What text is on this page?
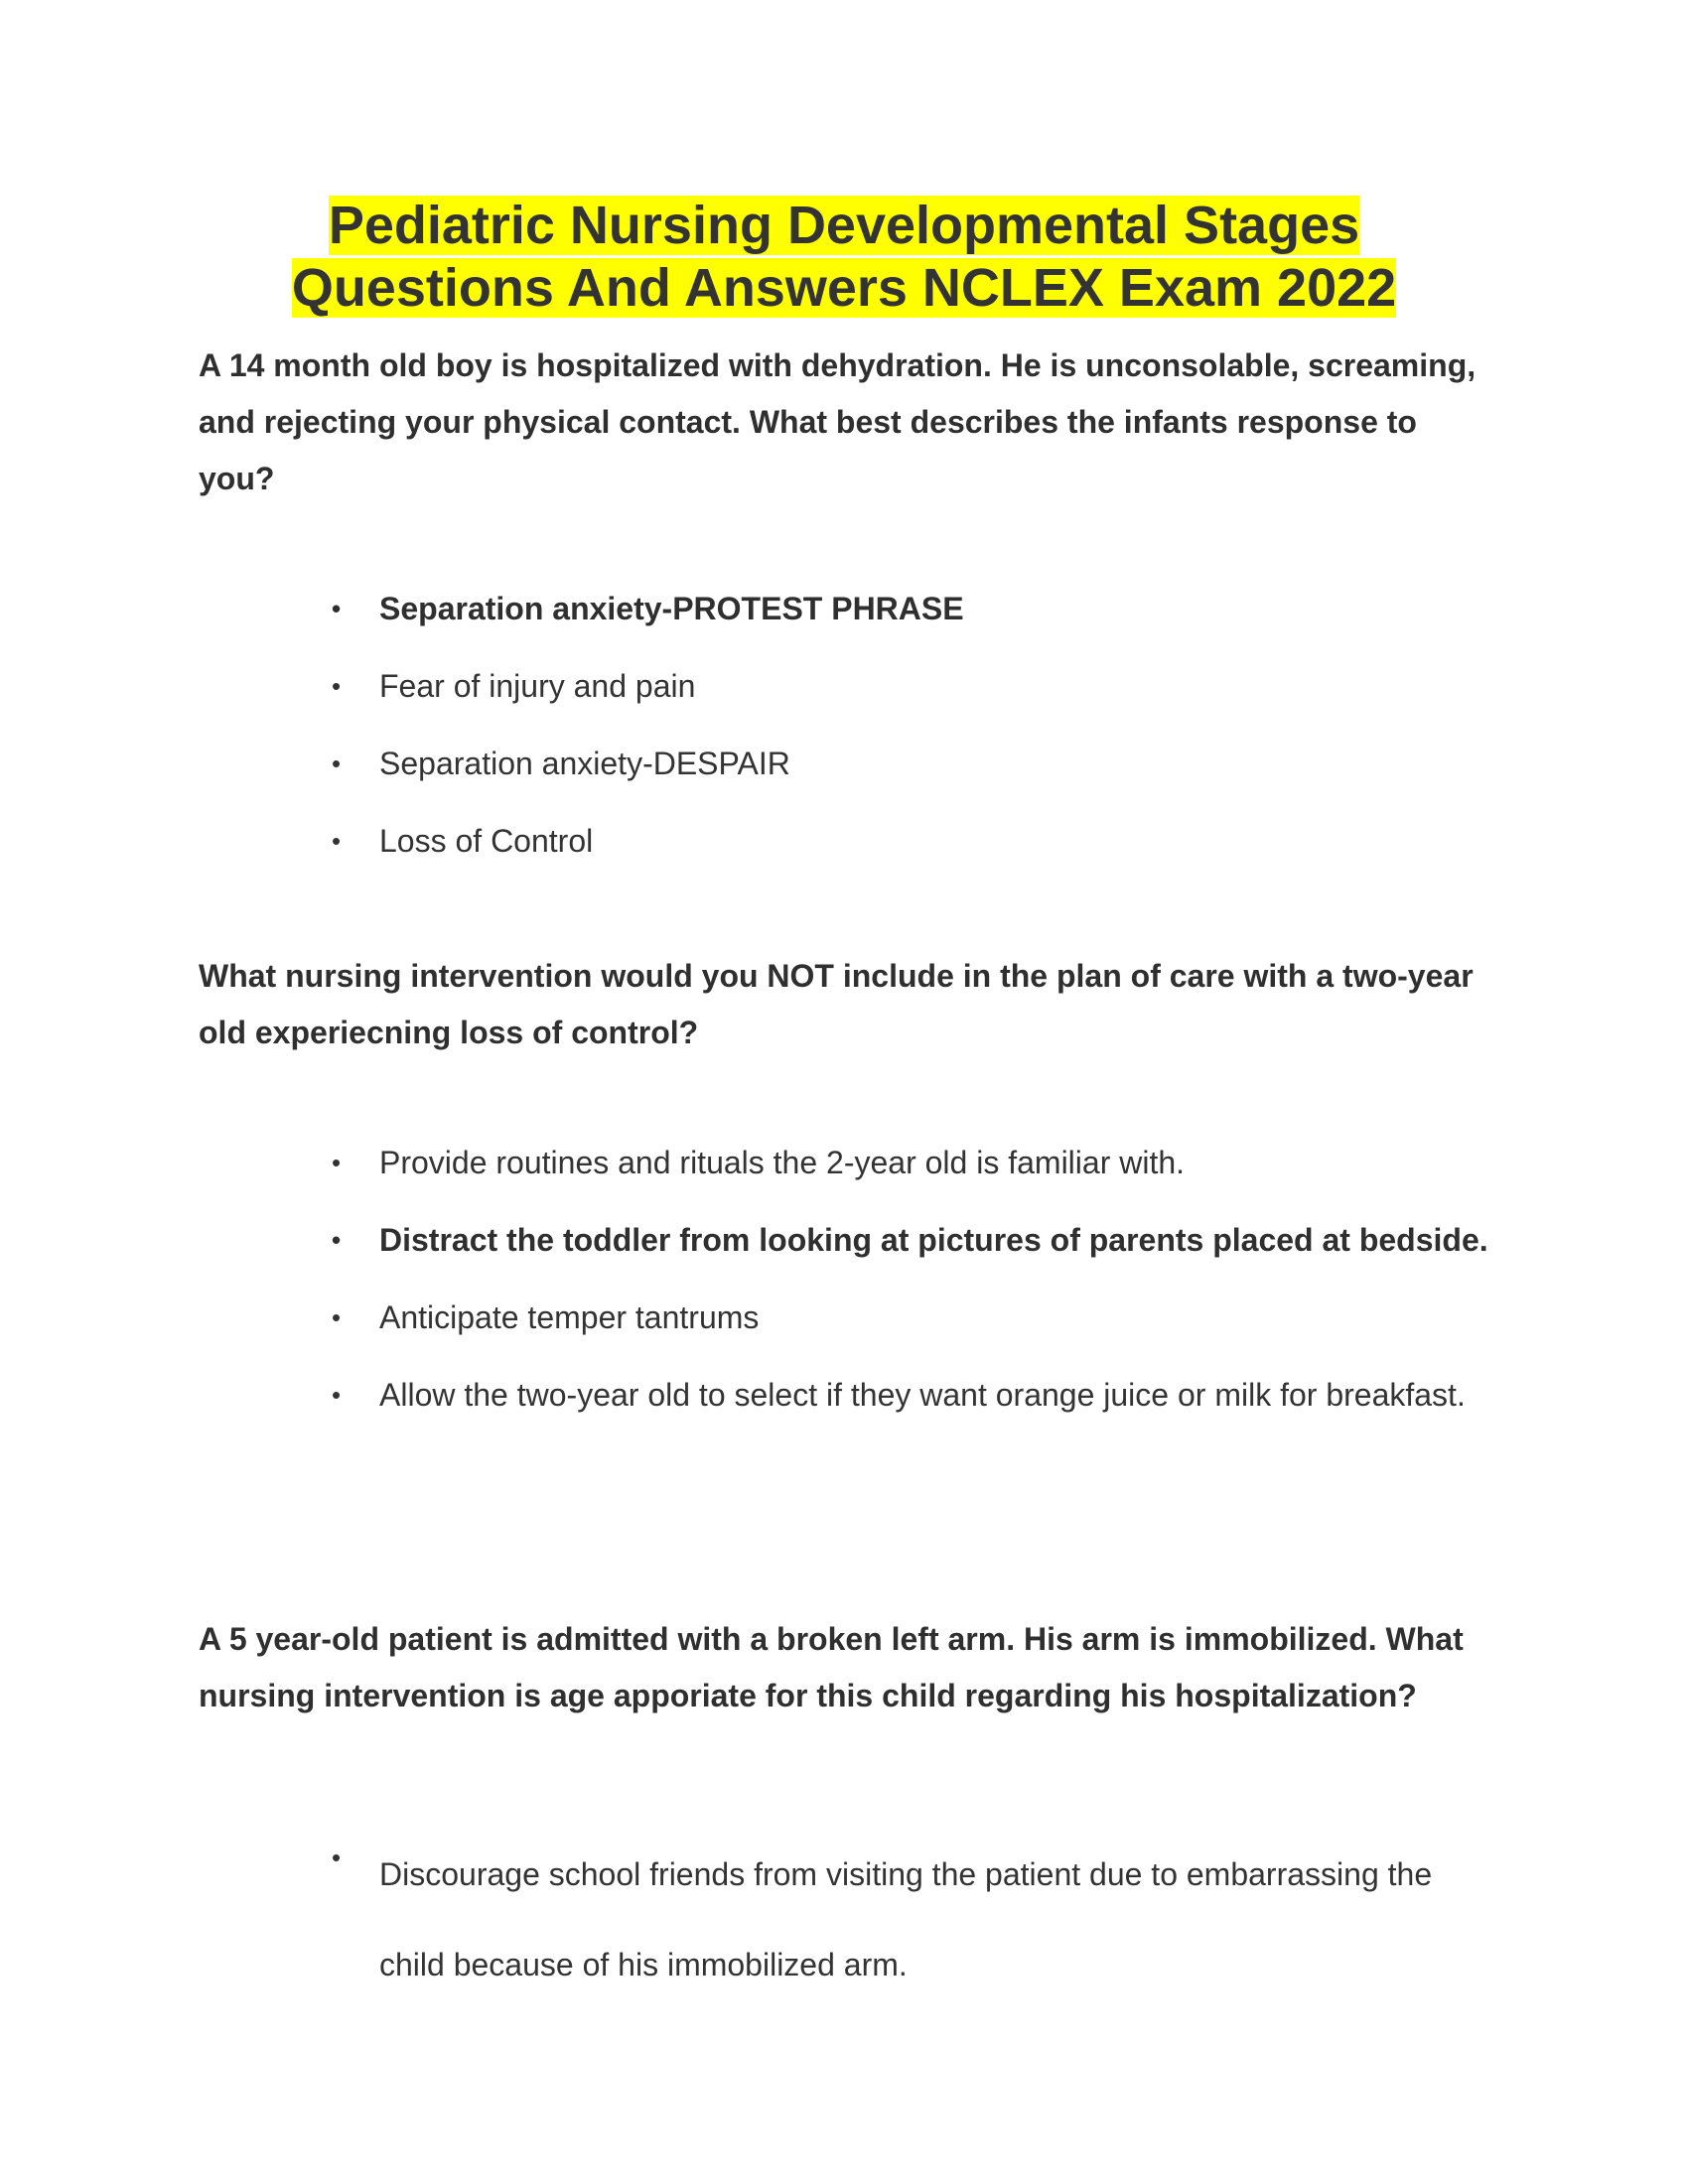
Pediatric Nursing Developmental Stages
Questions And Answers NCLEX Exam 2022

A 14 month old boy is hospitalized with dehydration. He is unconsolable, screaming, and rejecting your physical contact. What best describes the infants response to you?

• Separation anxiety-PROTEST PHRASE
• Fear of injury and pain
• Separation anxiety-DESPAIR
• Loss of Control

What nursing intervention would you NOT include in the plan of care with a two-year old experiecning loss of control?

• Provide routines and rituals the 2-year old is familiar with.
• Distract the toddler from looking at pictures of parents placed at bedside.
• Anticipate temper tantrums
• Allow the two-year old to select if they want orange juice or milk for breakfast.

A 5 year-old patient is admitted with a broken left arm. His arm is immobilized. What nursing intervention is age apporiate for this child regarding his hospitalization?

• Discourage school friends from visiting the patient due to embarrassing the child because of his immobilized arm.
